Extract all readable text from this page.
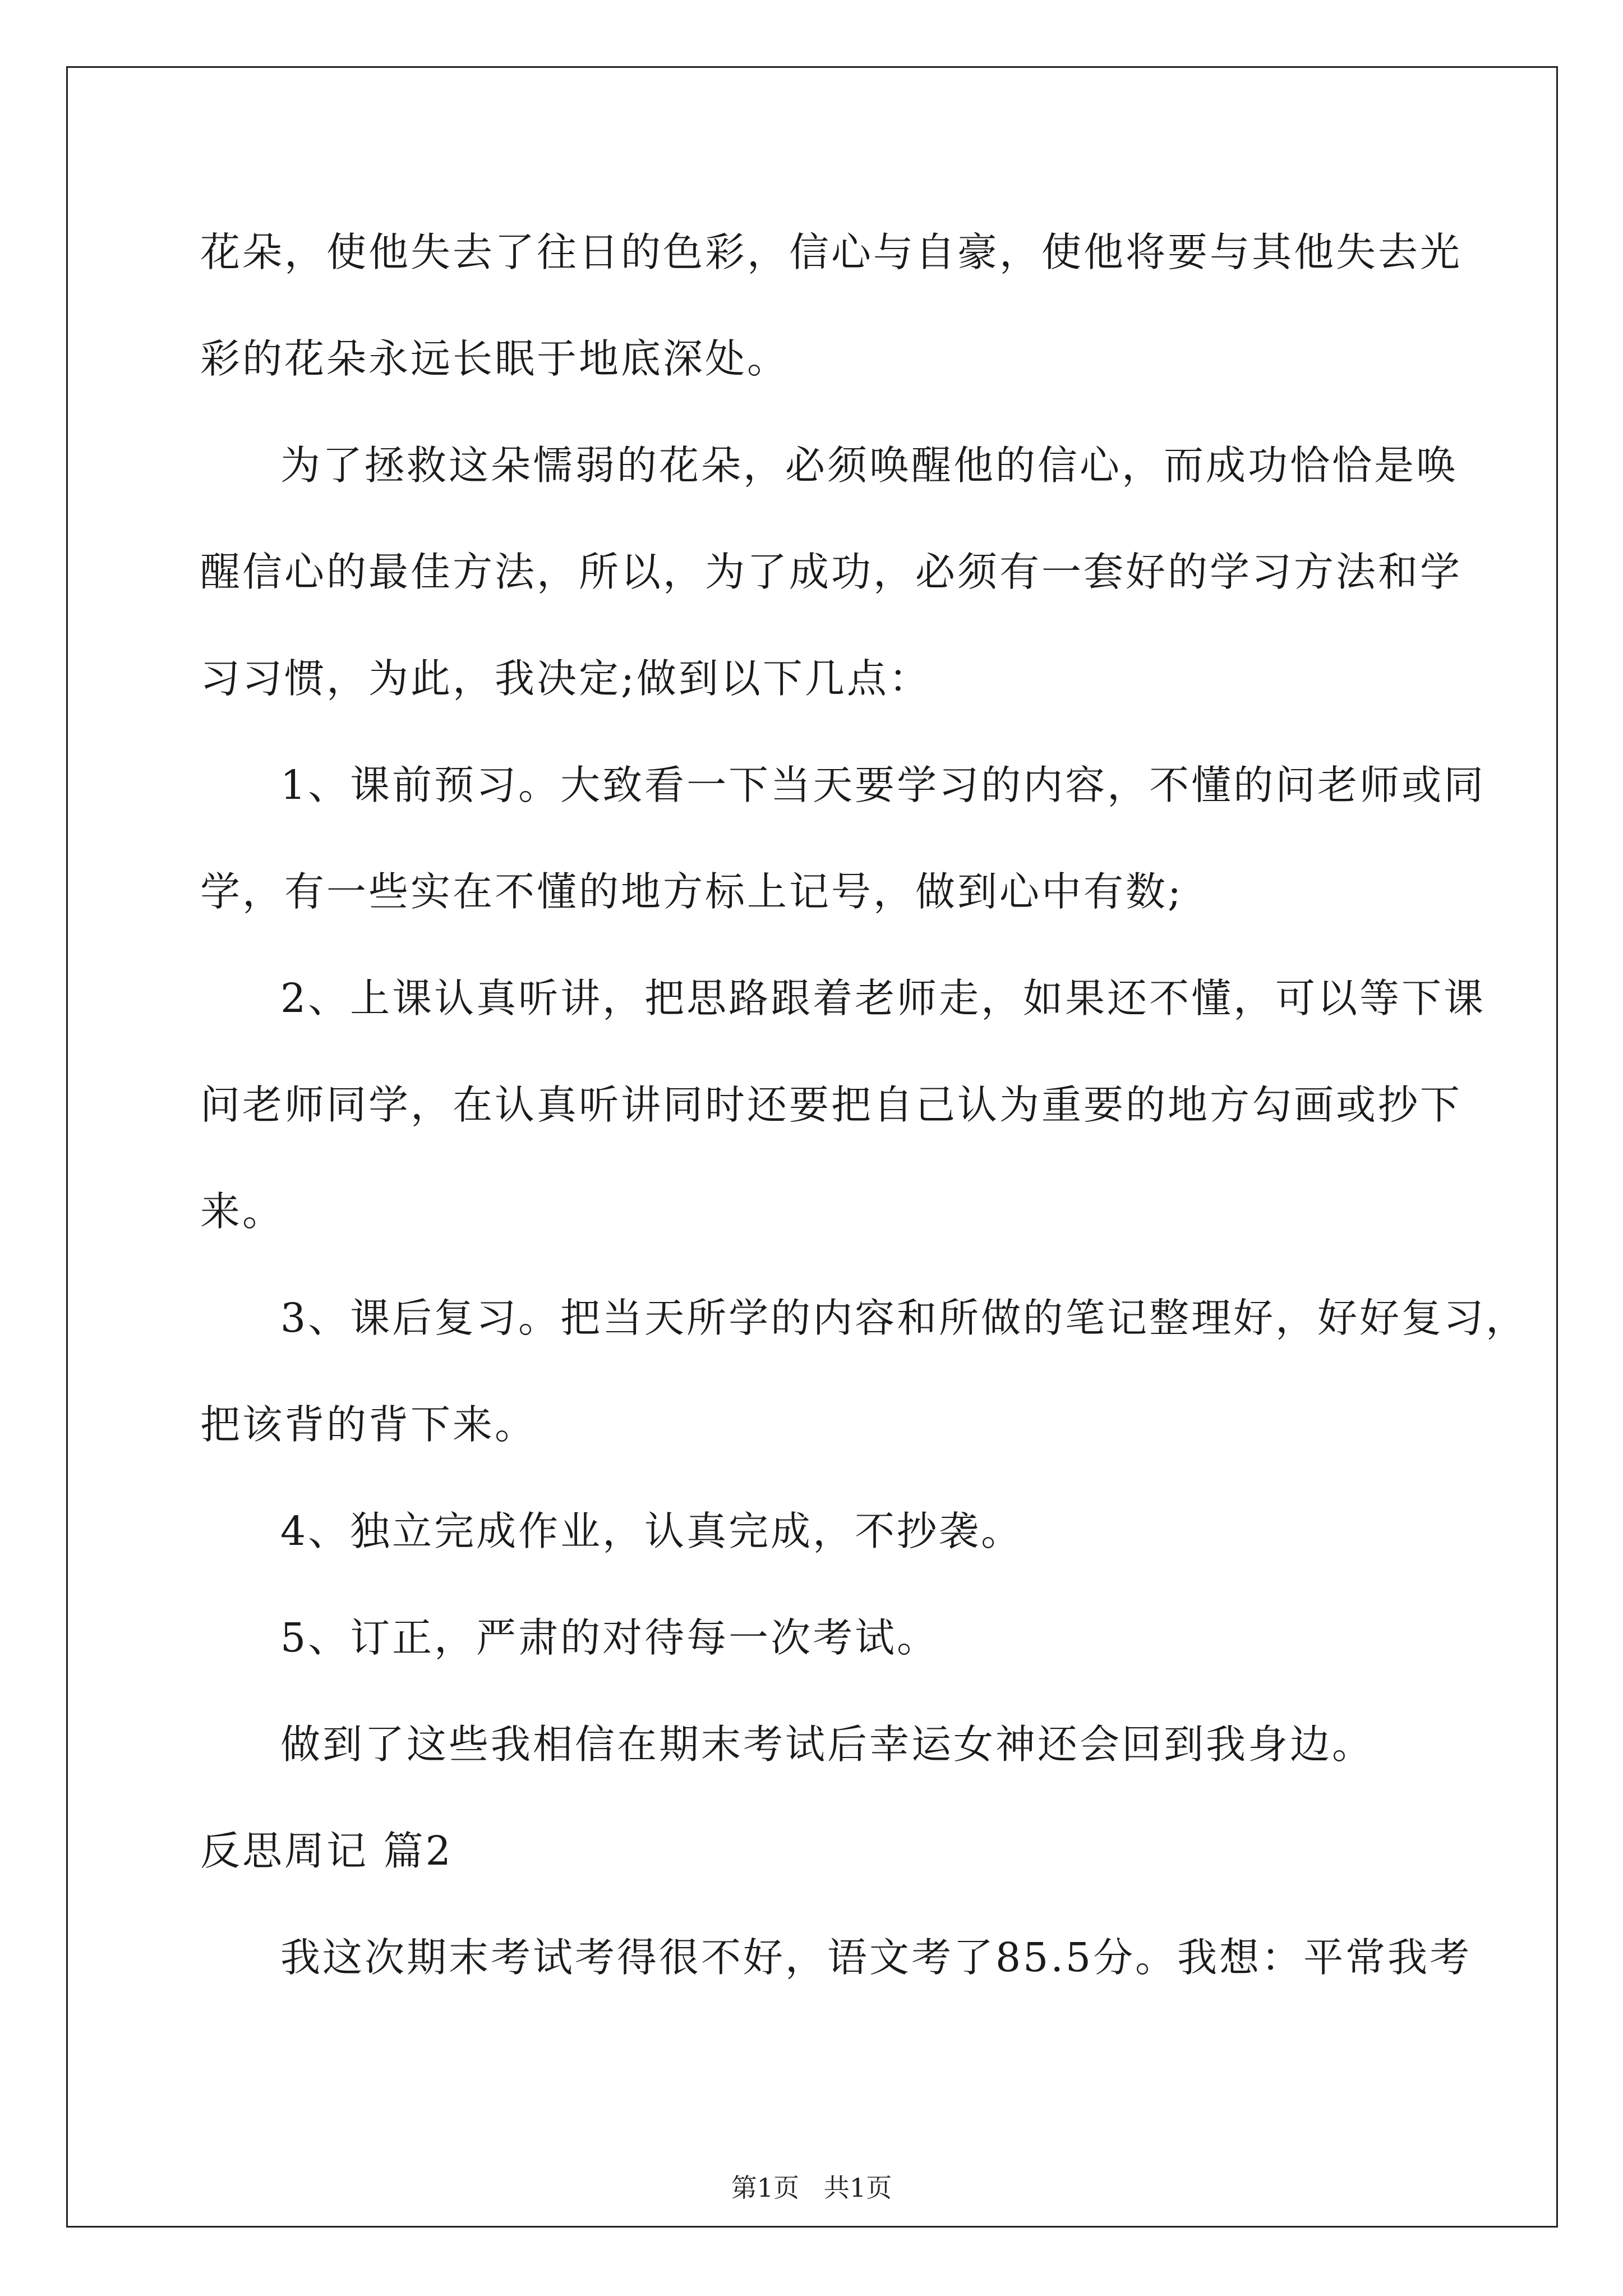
花朵，使他失去了往日的色彩，信心与自豪，使他将要与其他失去光
彩的花朵永远长眠于地底深处。
为了拯救这朵懦弱的花朵，必须唤醒他的信心，而成功恰恰是唤
醒信心的最佳方法，所以，为了成功，必须有一套好的学习方法和学
习习惯，为此，我决定;做到以下几点：
1、课前预习。大致看一下当天要学习的内容，不懂的问老师或同
学，有一些实在不懂的地方标上记号，做到心中有数;
2、上课认真听讲，把思路跟着老师走，如果还不懂，可以等下课
问老师同学，在认真听讲同时还要把自己认为重要的地方勾画或抄下
来。
3、课后复习。把当天所学的内容和所做的笔记整理好，好好复习，
把该背的背下来。
4、独立完成作业，认真完成，不抄袭。
5、订正，严肃的对待每一次考试。
做到了这些我相信在期末考试后幸运女神还会回到我身边。
反思周记 篇2
我这次期末考试考得很不好，语文考了85.5分。我想：平常我考
第1页   共1页
